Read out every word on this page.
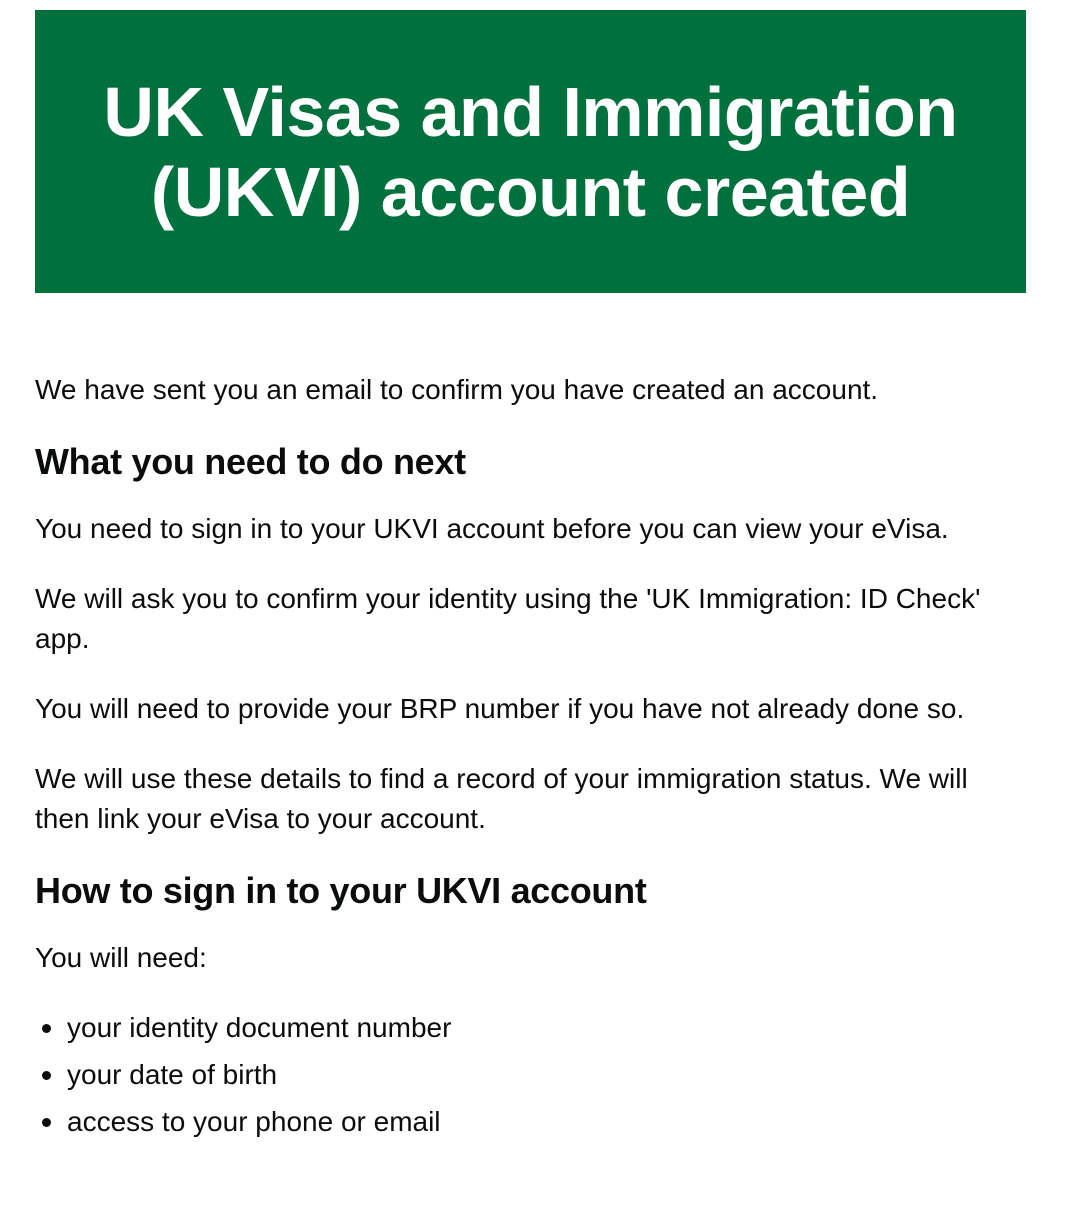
UK Visas and Immigration
(UKVI) account created

We have sent you an email to confirm you have created an account.

What you need to do next

You need to sign in to your UKVI account before you can view your eVisa.

We will ask you to confirm your identity using the 'UK Immigration: ID Check' app.

You will need to provide your BRP number if you have not already done so.

We will use these details to find a record of your immigration status. We will then link your eVisa to your account.

How to sign in to your UKVI account

You will need:

your identity document number
your date of birth
access to your phone or email
